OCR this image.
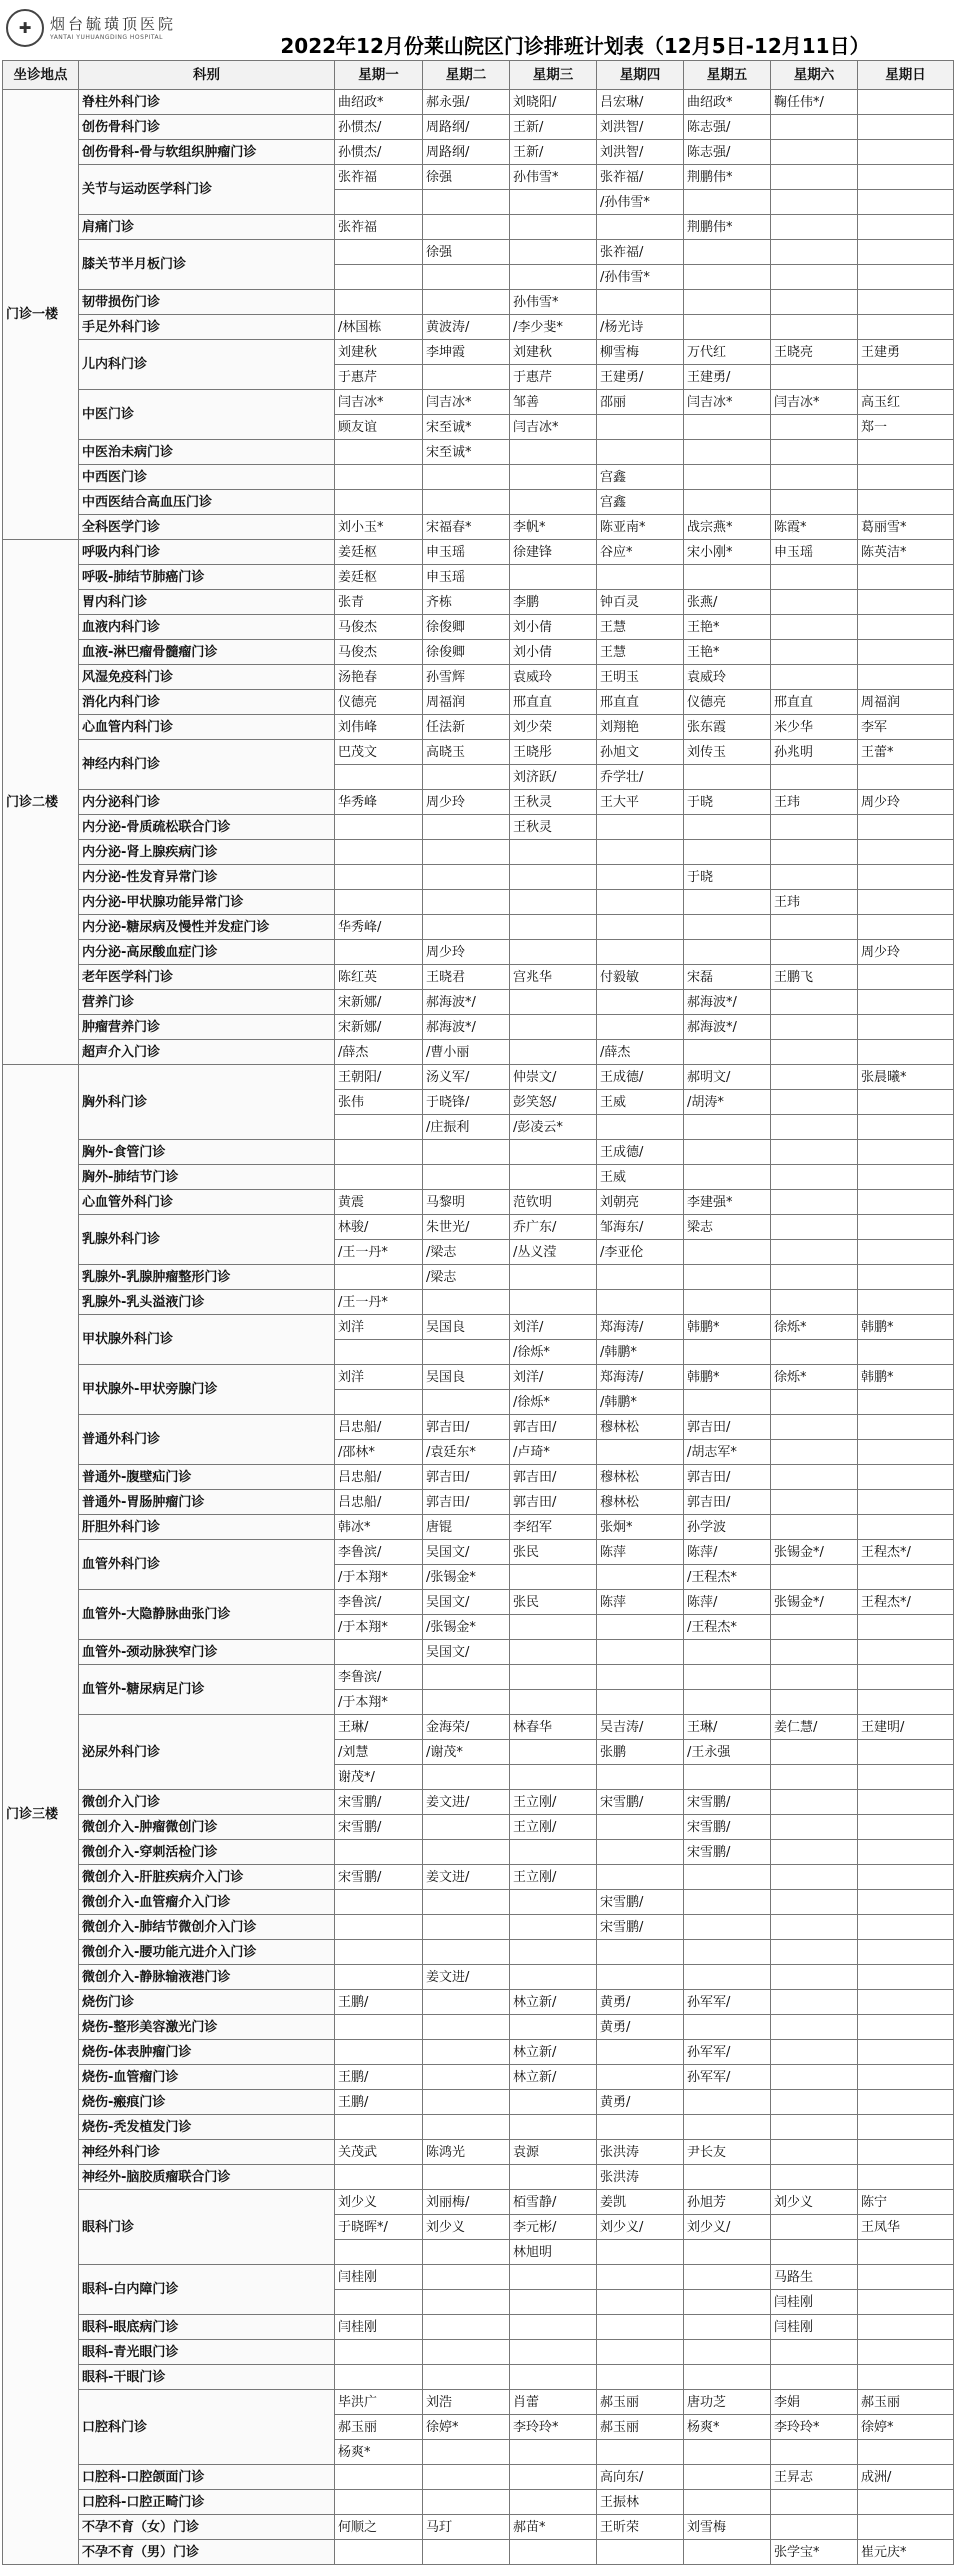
✚	烟台毓璜顶医院
YANTAI YUHUANGDING HOSPITAL	2022年12月份莱山院区门诊排班计划表（12月5日-12月11日）
坐诊地点	科别	星期一	星期二	星期三	星期四	星期五	星期六	星期日
门诊一楼	脊柱外科门诊	曲绍政*	郝永强/	刘晓阳/	吕宏琳/	曲绍政*	鞠任伟*/	
	创伤骨科门诊	孙惯杰/	周路纲/	王新/	刘洪智/	陈志强/		
	创伤骨科-骨与软组织肿瘤门诊	孙惯杰/	周路纲/	王新/	刘洪智/	陈志强/		
	关节与运动医学科门诊	张祚福	徐强	孙伟雪*	张祚福/	荆鹏伟*		
					/孙伟雪*			
	肩痛门诊	张祚福				荆鹏伟*		
	膝关节半月板门诊		徐强		张祚福/			
					/孙伟雪*			
	韧带损伤门诊			孙伟雪*				
	手足外科门诊	/林国栋	黄波涛/	/李少斐*	/杨光诗			
	儿内科门诊	刘建秋	李坤霞	刘建秋	柳雪梅	万代红	王晓亮	王建勇
		于惠芹		于惠芹	王建勇/	王建勇/		
	中医门诊	闫吉冰*	闫吉冰*	邹善	邵丽	闫吉冰*	闫吉冰*	高玉红
		顾友谊	宋至诚*	闫吉冰*				郑一
	中医治未病门诊		宋至诚*					
	中西医门诊				宫鑫			
	中西医结合高血压门诊				宫鑫			
	全科医学门诊	刘小玉*	宋福春*	李帆*	陈亚南*	战宗燕*	陈霞*	葛丽雪*
门诊二楼	呼吸内科门诊	姜廷枢	申玉瑶	徐建锋	谷应*	宋小刚*	申玉瑶	陈英洁*
	呼吸-肺结节肺癌门诊	姜廷枢	申玉瑶					
	胃内科门诊	张青	齐栋	李鹏	钟百灵	张燕/		
	血液内科门诊	马俊杰	徐俊卿	刘小倩	王慧	王艳*		
	血液-淋巴瘤骨髓瘤门诊	马俊杰	徐俊卿	刘小倩	王慧	王艳*		
	风湿免疫科门诊	汤艳春	孙雪辉	袁威玲	王明玉	袁威玲		
	消化内科门诊	仪德亮	周福润	邢直直	邢直直	仪德亮	邢直直	周福润
	心血管内科门诊	刘伟峰	任法新	刘少荣	刘翔艳	张东霞	米少华	李军
	神经内科门诊	巴茂文	高晓玉	王晓彤	孙旭文	刘传玉	孙兆明	王蕾*
				刘济跃/	乔学壮/			
	内分泌科门诊	华秀峰	周少玲	王秋灵	王大平	于晓	王玮	周少玲
	内分泌-骨质疏松联合门诊			王秋灵				
	内分泌-肾上腺疾病门诊							
	内分泌-性发育异常门诊					于晓		
	内分泌-甲状腺功能异常门诊						王玮	
	内分泌-糖尿病及慢性并发症门诊	华秀峰/						
	内分泌-高尿酸血症门诊		周少玲					周少玲
	老年医学科门诊	陈红英	王晓君	宫兆华	付毅敏	宋磊	王鹏飞	
	营养门诊	宋新娜/	郝海波*/			郝海波*/		
	肿瘤营养门诊	宋新娜/	郝海波*/			郝海波*/		
	超声介入门诊	/薛杰	/曹小丽		/薛杰			
门诊三楼	胸外科门诊	王朝阳/	汤义军/	仲崇文/	王成德/	郝明文/		张晨曦*
		张伟	于晓锋/	彭笑怒/	王威	/胡涛*		
			/庄振利	/彭凌云*				
	胸外-食管门诊				王成德/			
	胸外-肺结节门诊				王威			
	心血管外科门诊	黄震	马黎明	范钦明	刘朝亮	李建强*		
	乳腺外科门诊	林骏/	朱世光/	乔广东/	邹海东/	梁志		
		/王一丹*	/梁志	/丛义滢	/李亚伦			
	乳腺外-乳腺肿瘤整形门诊		/梁志					
	乳腺外-乳头溢液门诊	/王一丹*						
	甲状腺外科门诊	刘洋	吴国良	刘洋/	郑海涛/	韩鹏*	徐烁*	韩鹏*
				/徐烁*	/韩鹏*			
	甲状腺外-甲状旁腺门诊	刘洋	吴国良	刘洋/	郑海涛/	韩鹏*	徐烁*	韩鹏*
				/徐烁*	/韩鹏*			
	普通外科门诊	吕忠船/	郭吉田/	郭吉田/	穆林松	郭吉田/		
		/邵林*	/袁廷东*	/卢琦*		/胡志军*		
	普通外-腹壁疝门诊	吕忠船/	郭吉田/	郭吉田/	穆林松	郭吉田/		
	普通外-胃肠肿瘤门诊	吕忠船/	郭吉田/	郭吉田/	穆林松	郭吉田/		
	肝胆外科门诊	韩冰*	唐锟	李绍军	张炯*	孙学波		
	血管外科门诊	李鲁滨/	吴国文/	张民	陈萍	陈萍/	张锡金*/	王程杰*/
		/于本翔*	/张锡金*			/王程杰*		
	血管外-大隐静脉曲张门诊	李鲁滨/	吴国文/	张民	陈萍	陈萍/	张锡金*/	王程杰*/
		/于本翔*	/张锡金*			/王程杰*		
	血管外-颈动脉狭窄门诊		吴国文/					
	血管外-糖尿病足门诊	李鲁滨/						
		/于本翔*						
	泌尿外科门诊	王琳/	金海荣/	林春华	吴吉涛/	王琳/	姜仁慧/	王建明/
		/刘慧	/谢茂*		张鹏	/王永强		
		谢茂*/						
	微创介入门诊	宋雪鹏/	姜文进/	王立刚/	宋雪鹏/	宋雪鹏/		
	微创介入-肿瘤微创门诊	宋雪鹏/		王立刚/		宋雪鹏/		
	微创介入-穿刺活检门诊					宋雪鹏/		
	微创介入-肝脏疾病介入门诊	宋雪鹏/	姜文进/	王立刚/				
	微创介入-血管瘤介入门诊				宋雪鹏/			
	微创介入-肺结节微创介入门诊				宋雪鹏/			
	微创介入-腰功能亢进介入门诊							
	微创介入-静脉输液港门诊		姜文进/					
	烧伤门诊	王鹏/		林立新/	黄勇/	孙军军/		
	烧伤-整形美容激光门诊				黄勇/			
	烧伤-体表肿瘤门诊			林立新/		孙军军/		
	烧伤-血管瘤门诊	王鹏/		林立新/		孙军军/		
	烧伤-瘢痕门诊	王鹏/			黄勇/			
	烧伤-秃发植发门诊							
	神经外科门诊	关茂武	陈鸿光	袁源	张洪涛	尹长友		
	神经外-脑胶质瘤联合门诊				张洪涛			
	眼科门诊	刘少义	刘丽梅/	栢雪静/	姜凯	孙旭芳	刘少义	陈宁
		于晓晖*/	刘少义	李元彬/	刘少义/	刘少义/		王凤华
				林旭明				
	眼科-白内障门诊	闫桂刚					马路生	
							闫桂刚	
	眼科-眼底病门诊	闫桂刚					闫桂刚	
	眼科-青光眼门诊							
	眼科-干眼门诊							
	口腔科门诊	毕洪广	刘浩	肖蕾	郝玉丽	唐功芝	李娟	郝玉丽
		郝玉丽	徐婷*	李玲玲*	郝玉丽	杨爽*	李玲玲*	徐婷*
		杨爽*						
	口腔科-口腔颌面门诊				高向东/		王昇志	成洲/
	口腔科-口腔正畸门诊				王振林			
	不孕不育（女）门诊	何顺之	马玎	郝苗*	王昕荣	刘雪梅		
	不孕不育（男）门诊						张学宝*	崔元庆*
